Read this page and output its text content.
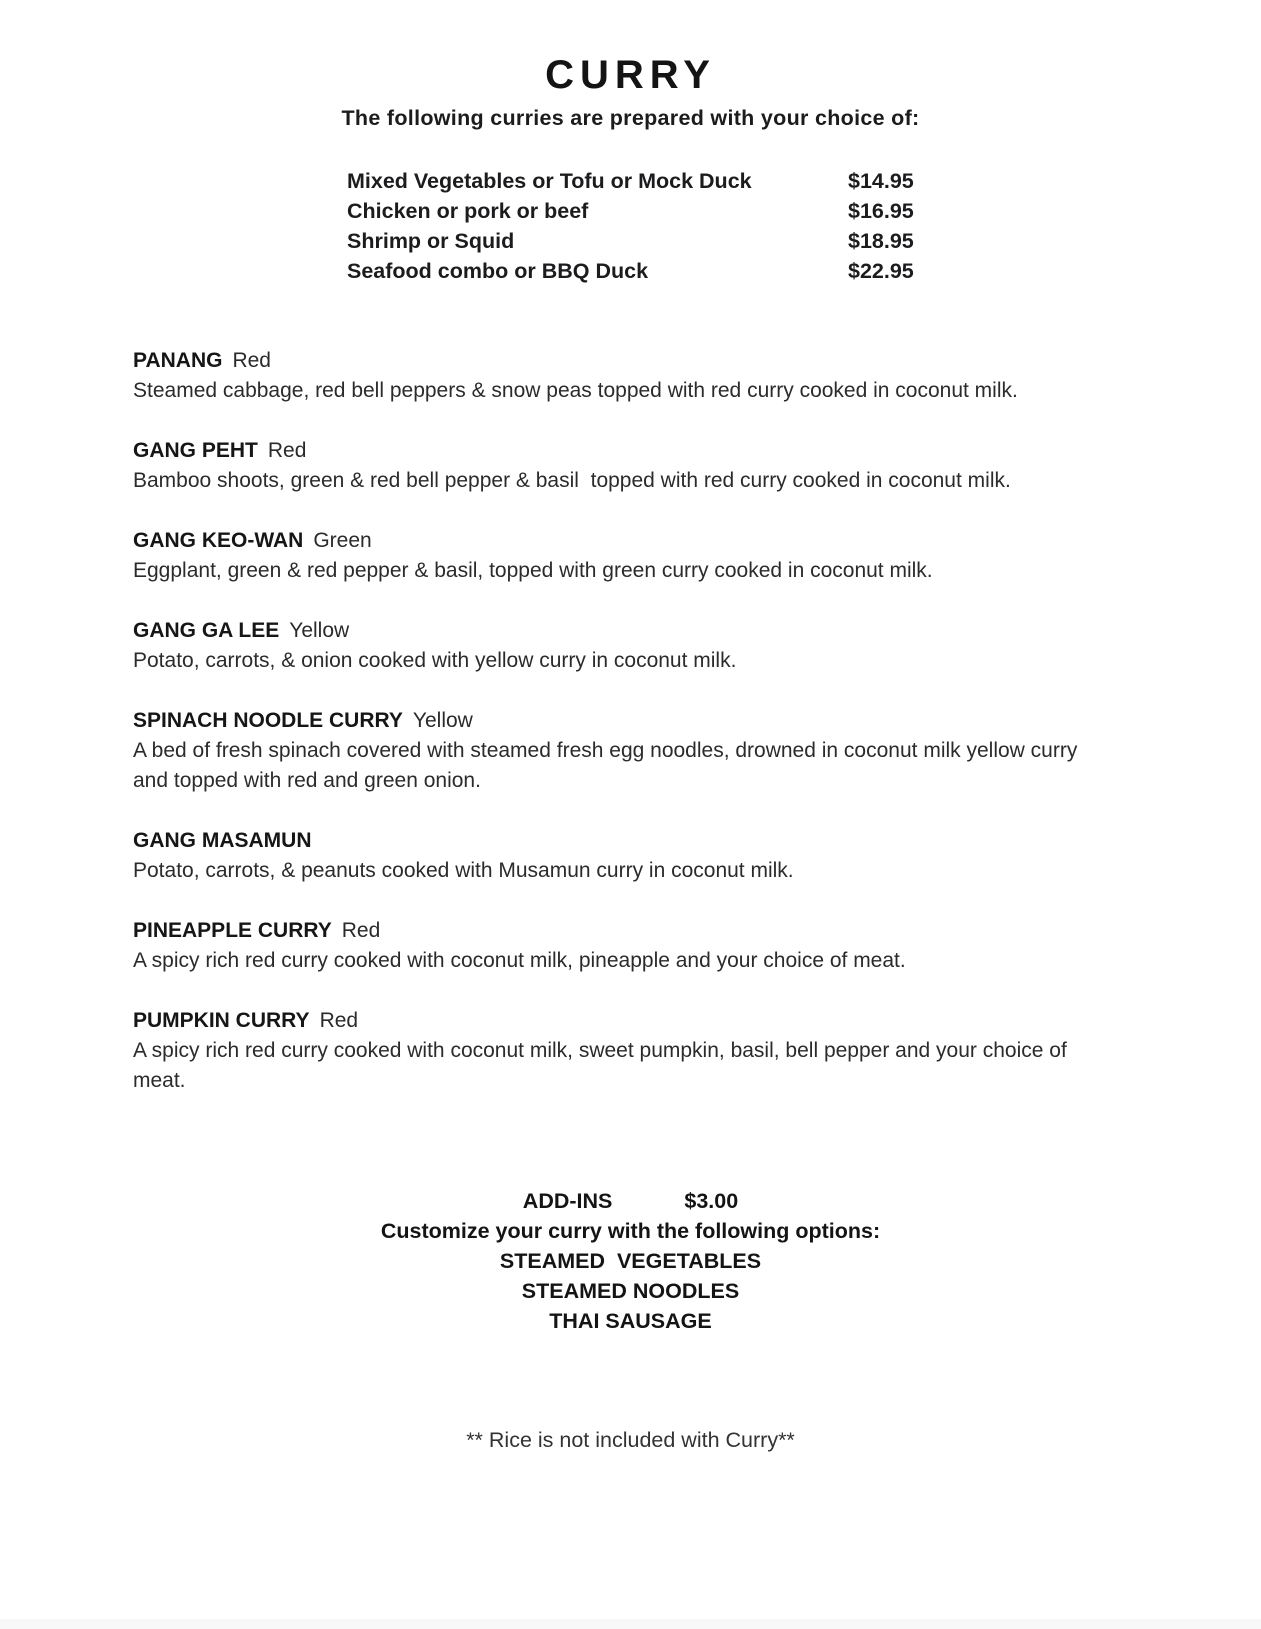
CURRY

The following curries are prepared with your choice of:

Mixed Vegetables or Tofu or Mock Duck	$14.95
Chicken or pork or beef	$16.95
Shrimp or Squid	$18.95
Seafood combo or BBQ Duck	$22.95
PANANG Red

Steamed cabbage, red bell peppers & snow peas topped with red curry cooked in coconut milk.

GANG PEHT Red

Bamboo shoots, green & red bell pepper & basil  topped with red curry cooked in coconut milk.

GANG KEO-WAN Green

Eggplant, green & red pepper & basil, topped with green curry cooked in coconut milk.

GANG GA LEE Yellow

Potato, carrots, & onion cooked with yellow curry in coconut milk.

SPINACH NOODLE CURRY Yellow

A bed of fresh spinach covered with steamed fresh egg noodles, drowned in coconut milk yellow curry and topped with red and green onion.

GANG MASAMUN

Potato, carrots, & peanuts cooked with Musamun curry in coconut milk.

PINEAPPLE CURRY Red

A spicy rich red curry cooked with coconut milk, pineapple and your choice of meat.

PUMPKIN CURRY Red

A spicy rich red curry cooked with coconut milk, sweet pumpkin, basil, bell pepper and your choice of meat.

ADD-INS	$3.00

Customize your curry with the following options:

STEAMED  VEGETABLES

STEAMED NOODLES

THAI SAUSAGE

** Rice is not included with Curry**
